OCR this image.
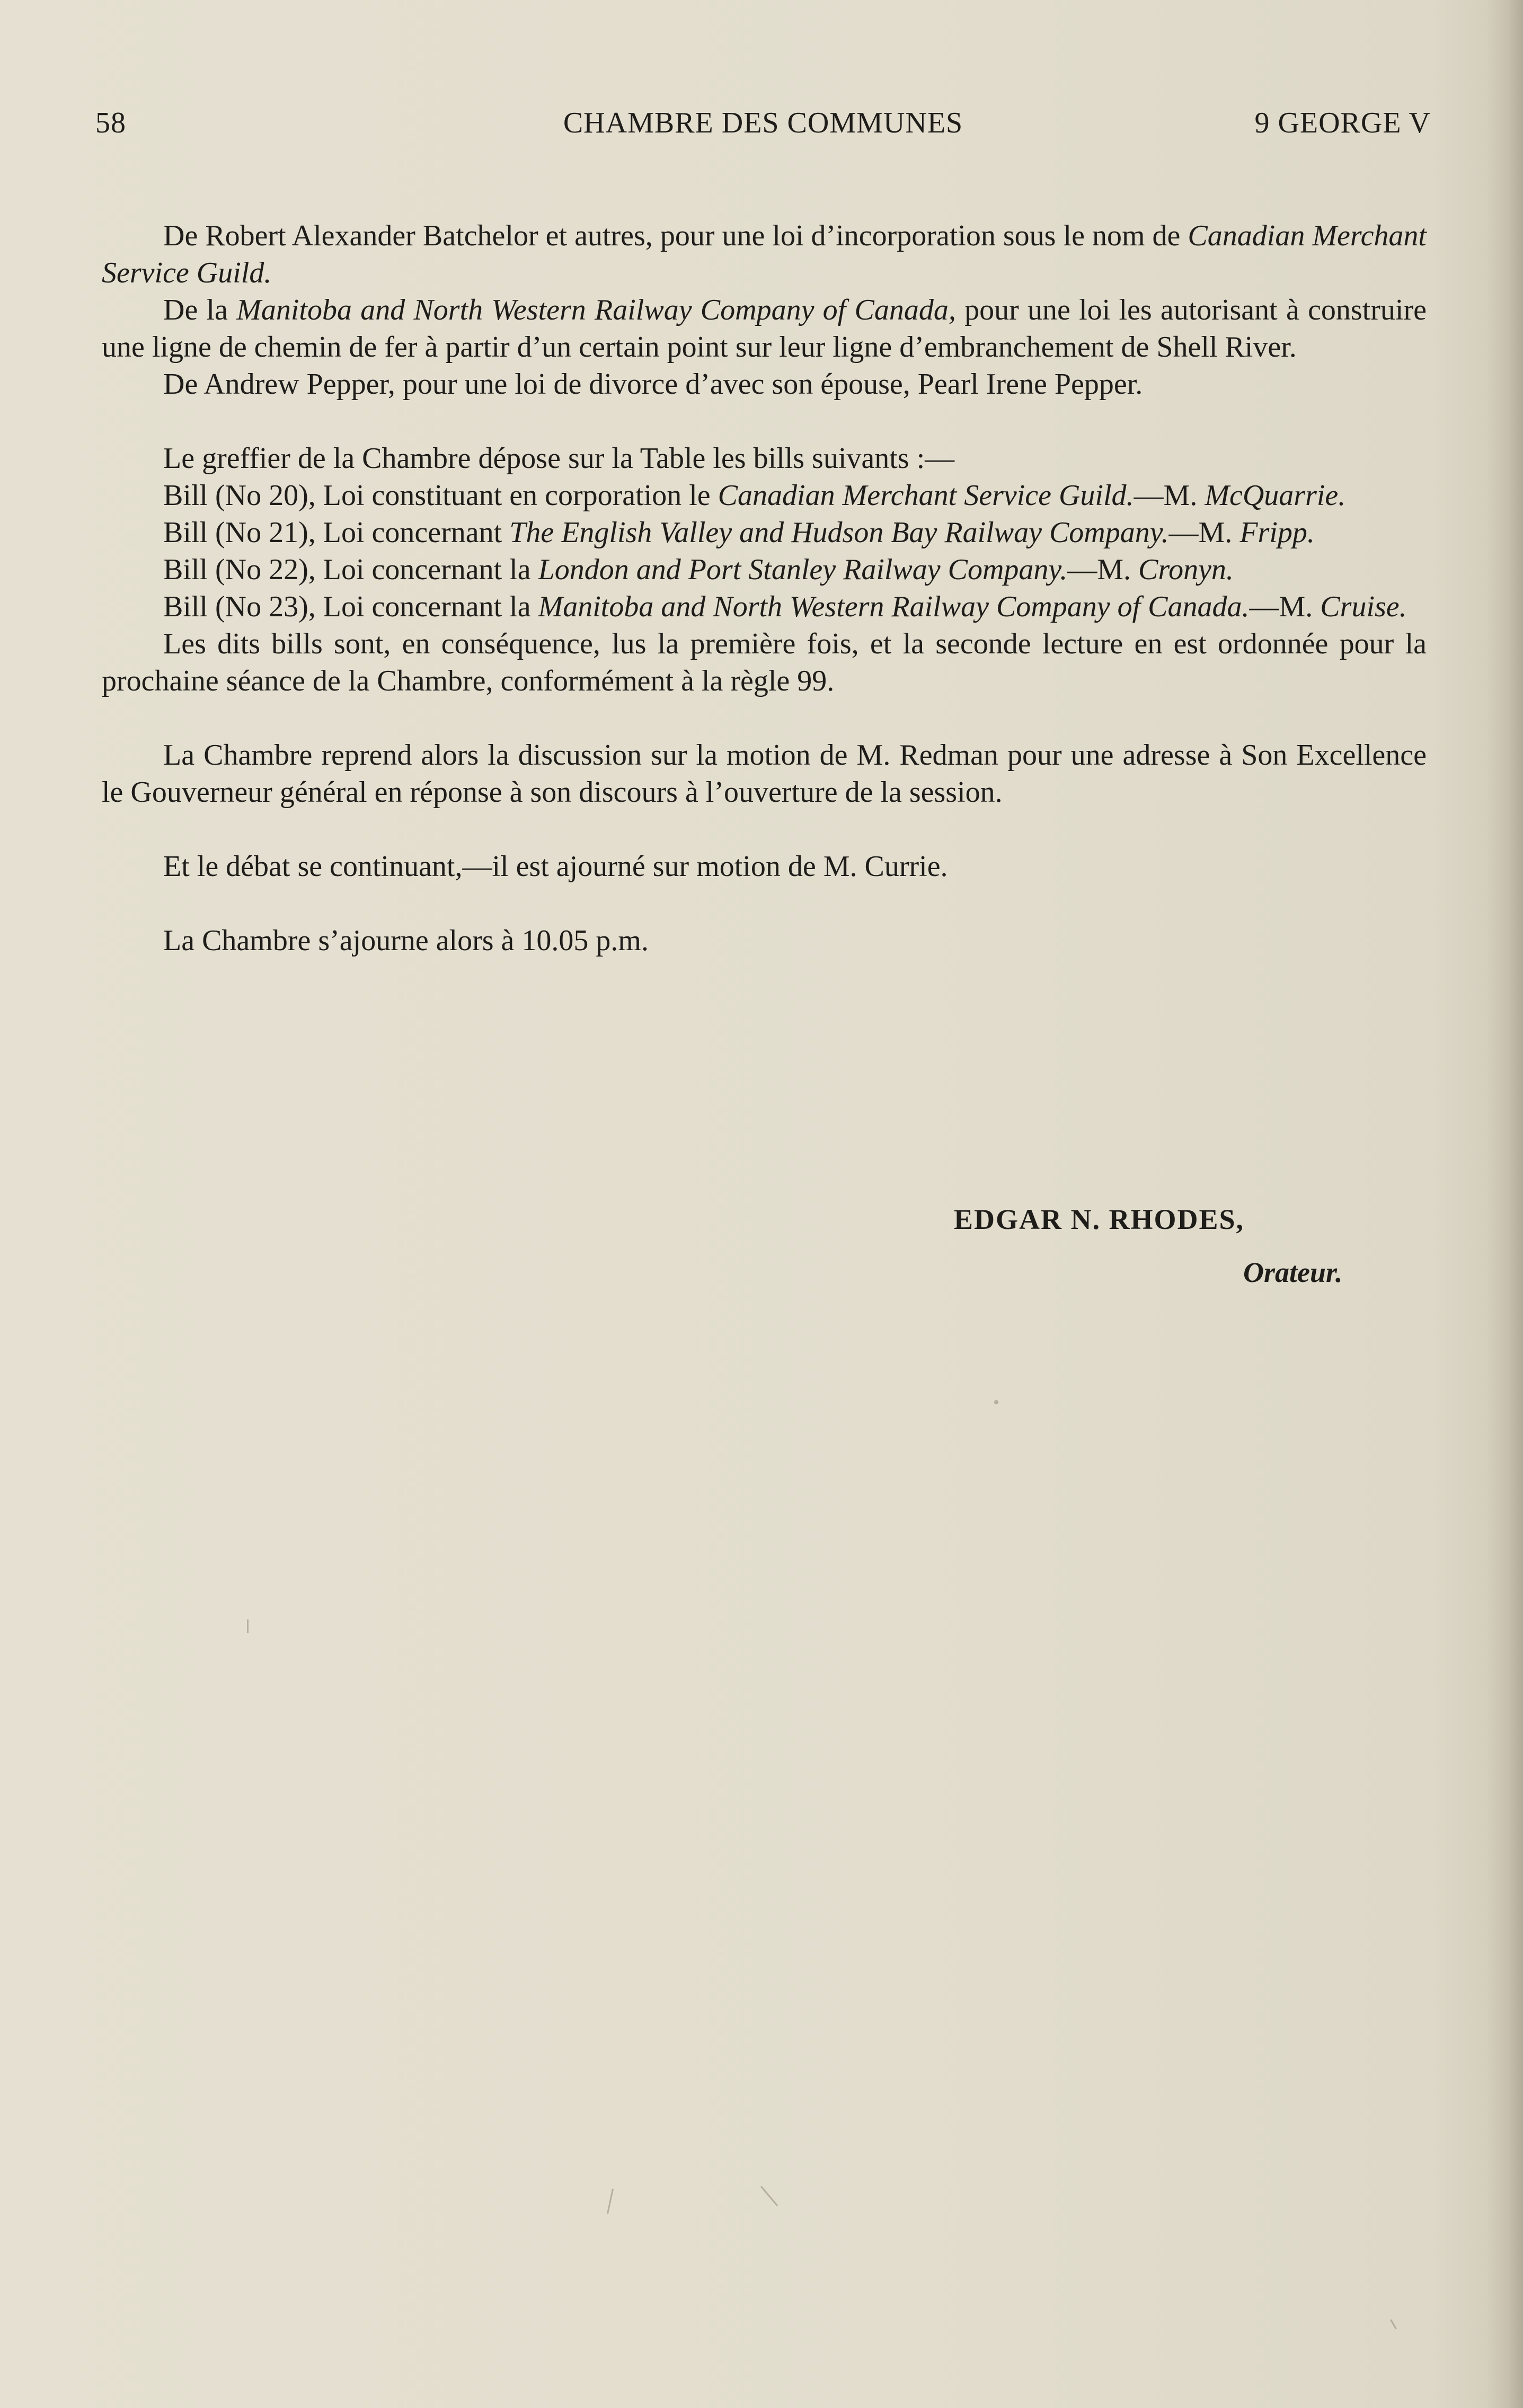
58	CHAMBRE DES COMMUNES	9 GEORGE V

De Robert Alexander Batchelor et autres, pour une loi d’incorporation sous le nom de Canadian Merchant Service Guild.

De la Manitoba and North Western Railway Company of Canada, pour une loi les autorisant à construire une ligne de chemin de fer à partir d’un certain point sur leur ligne d’embranchement de Shell River.

De Andrew Pepper, pour une loi de divorce d’avec son épouse, Pearl Irene Pepper.

Le greffier de la Chambre dépose sur la Table les bills suivants :—

Bill (No 20), Loi constituant en corporation le Canadian Merchant Service Guild.—M. McQuarrie.

Bill (No 21), Loi concernant The English Valley and Hudson Bay Railway Company.—M. Fripp.

Bill (No 22), Loi concernant la London and Port Stanley Railway Company.—M. Cronyn.

Bill (No 23), Loi concernant la Manitoba and North Western Railway Company of Canada.—M. Cruise.

Les dits bills sont, en conséquence, lus la première fois, et la seconde lecture en est ordonnée pour la prochaine séance de la Chambre, conformément à la règle 99.

La Chambre reprend alors la discussion sur la motion de M. Redman pour une adresse à Son Excellence le Gouverneur général en réponse à son discours à l’ouverture de la session.

Et le débat se continuant,—il est ajourné sur motion de M. Currie.

La Chambre s’ajourne alors à 10.05 p.m.

EDGAR N. RHODES,
Orateur.
